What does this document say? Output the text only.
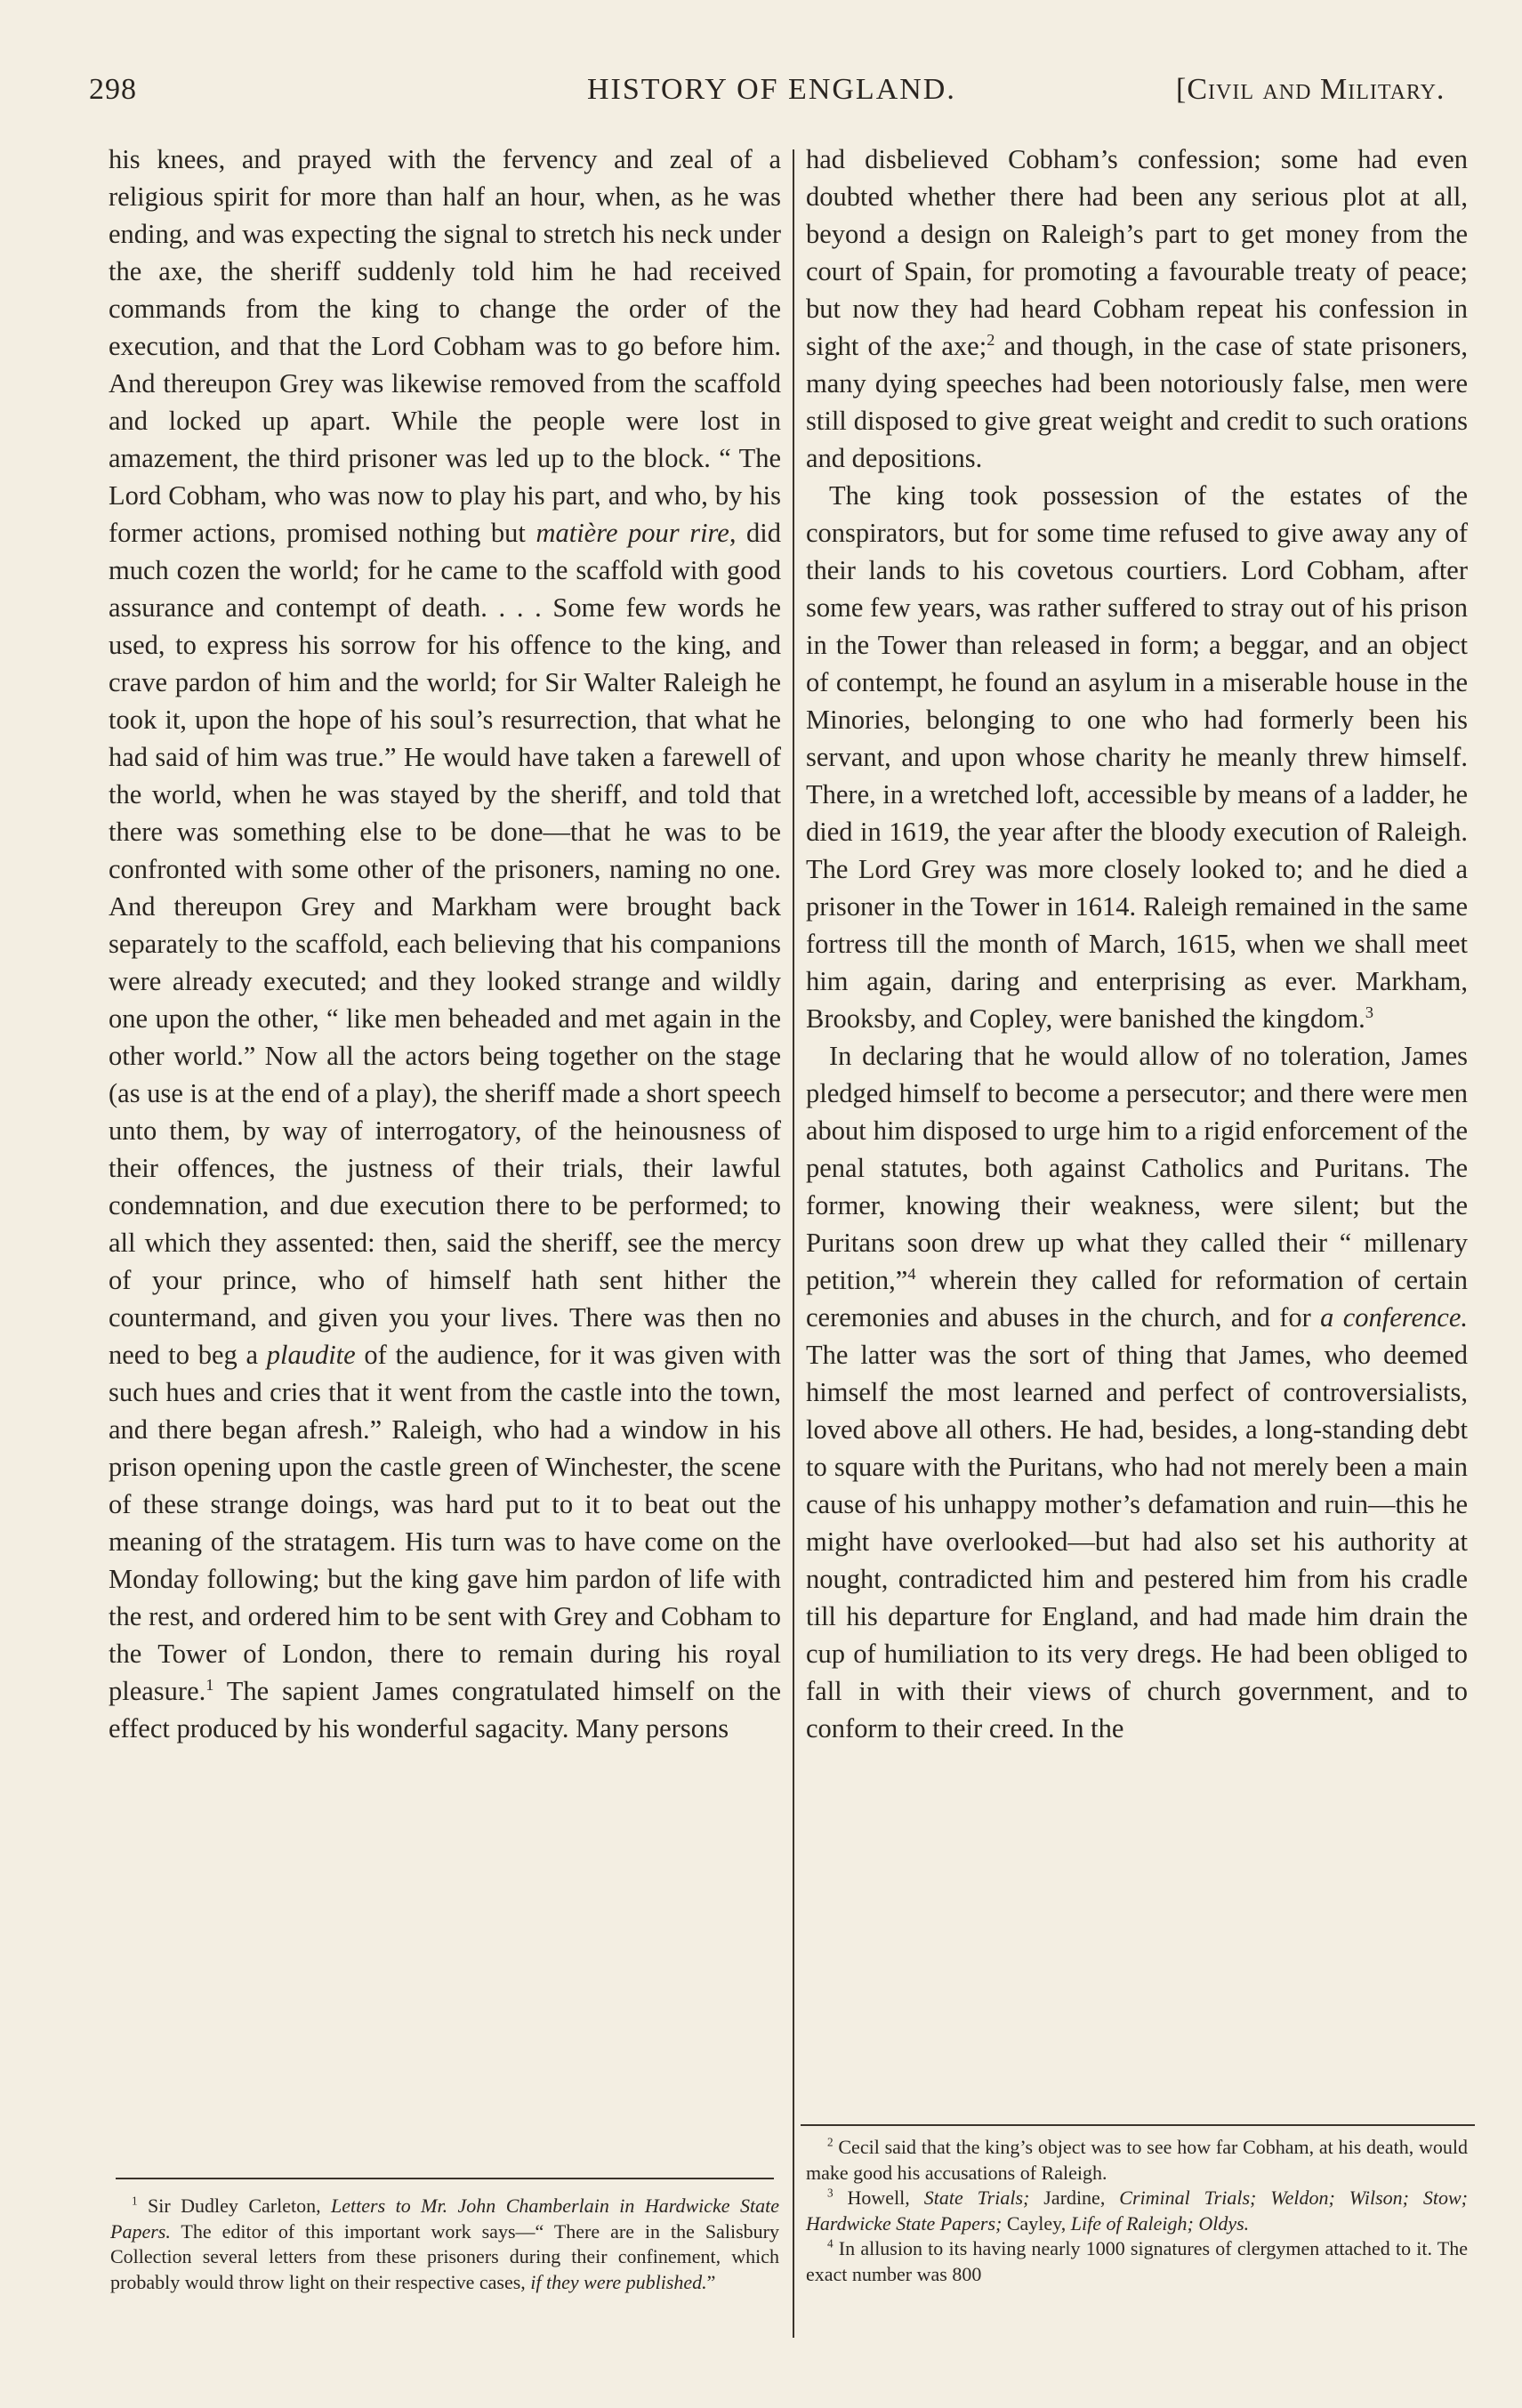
298	HISTORY OF ENGLAND.	[Civil and Military.

his knees, and prayed with the fervency and zeal of a religious spirit for more than half an hour, when, as he was ending, and was expecting the signal to stretch his neck under the axe, the sheriff suddenly told him he had received commands from the king to change the order of the execution, and that the Lord Cobham was to go before him. And thereupon Grey was likewise removed from the scaffold and locked up apart. While the people were lost in amazement, the third prisoner was led up to the block. “ The Lord Cobham, who was now to play his part, and who, by his former actions, promised nothing but matière pour rire, did much cozen the world; for he came to the scaffold with good assurance and contempt of death. . . . Some few words he used, to express his sorrow for his offence to the king, and crave pardon of him and the world; for Sir Walter Raleigh he took it, upon the hope of his soul’s resurrection, that what he had said of him was true.” He would have taken a farewell of the world, when he was stayed by the sheriff, and told that there was something else to be done—that he was to be confronted with some other of the prisoners, naming no one. And thereupon Grey and Markham were brought back separately to the scaffold, each believing that his companions were already executed; and they looked strange and wildly one upon the other, “ like men beheaded and met again in the other world.” Now all the actors being together on the stage (as use is at the end of a play), the sheriff made a short speech unto them, by way of interrogatory, of the heinousness of their offences, the justness of their trials, their lawful condemnation, and due execution there to be performed; to all which they assented: then, said the sheriff, see the mercy of your prince, who of himself hath sent hither the countermand, and given you your lives. There was then no need to beg a plaudite of the audience, for it was given with such hues and cries that it went from the castle into the town, and there began afresh.” Raleigh, who had a window in his prison opening upon the castle green of Winchester, the scene of these strange doings, was hard put to it to beat out the meaning of the stratagem. His turn was to have come on the Monday following; but the king gave him pardon of life with the rest, and ordered him to be sent with Grey and Cobham to the Tower of London, there to remain during his royal pleasure.$^1$ The sapient James congratulated himself on the effect produced by his wonderful sagacity. Many persons

had disbelieved Cobham’s confession; some had even doubted whether there had been any serious plot at all, beyond a design on Raleigh’s part to get money from the court of Spain, for promoting a favourable treaty of peace; but now they had heard Cobham repeat his confession in sight of the axe;$^2$ and though, in the case of state prisoners, many dying speeches had been notoriously false, men were still disposed to give great weight and credit to such orations and depositions.

The king took possession of the estates of the conspirators, but for some time refused to give away any of their lands to his covetous courtiers. Lord Cobham, after some few years, was rather suffered to stray out of his prison in the Tower than released in form; a beggar, and an object of contempt, he found an asylum in a miserable house in the Minories, belonging to one who had formerly been his servant, and upon whose charity he meanly threw himself. There, in a wretched loft, accessible by means of a ladder, he died in 1619, the year after the bloody execution of Raleigh. The Lord Grey was more closely looked to; and he died a prisoner in the Tower in 1614. Raleigh remained in the same fortress till the month of March, 1615, when we shall meet him again, daring and enterprising as ever. Markham, Brooksby, and Copley, were banished the kingdom.$^3$

In declaring that he would allow of no toleration, James pledged himself to become a persecutor; and there were men about him disposed to urge him to a rigid enforcement of the penal statutes, both against Catholics and Puritans. The former, knowing their weakness, were silent; but the Puritans soon drew up what they called their “ millenary petition,”$^4$ wherein they called for reformation of certain ceremonies and abuses in the church, and for a conference. The latter was the sort of thing that James, who deemed himself the most learned and perfect of controversialists, loved above all others. He had, besides, a long-standing debt to square with the Puritans, who had not merely been a main cause of his unhappy mother’s defamation and ruin—this he might have overlooked—but had also set his authority at nought, contradicted him and pestered him from his cradle till his departure for England, and had made him drain the cup of humiliation to its very dregs. He had been obliged to fall in with their views of church government, and to conform to their creed. In the

$^1$ Sir Dudley Carleton, Letters to Mr. John Chamberlain in Hardwicke State Papers. The editor of this important work says—“ There are in the Salisbury Collection several letters from these prisoners during their confinement, which probably would throw light on their respective cases, if they were published.”

$^2$ Cecil said that the king’s object was to see how far Cobham, at his death, would make good his accusations of Raleigh.

$^3$ Howell, State Trials; Jardine, Criminal Trials; Weldon; Wilson; Stow; Hardwicke State Papers; Cayley, Life of Raleigh; Oldys.

$^4$ In allusion to its having nearly 1000 signatures of clergymen attached to it. The exact number was 800
